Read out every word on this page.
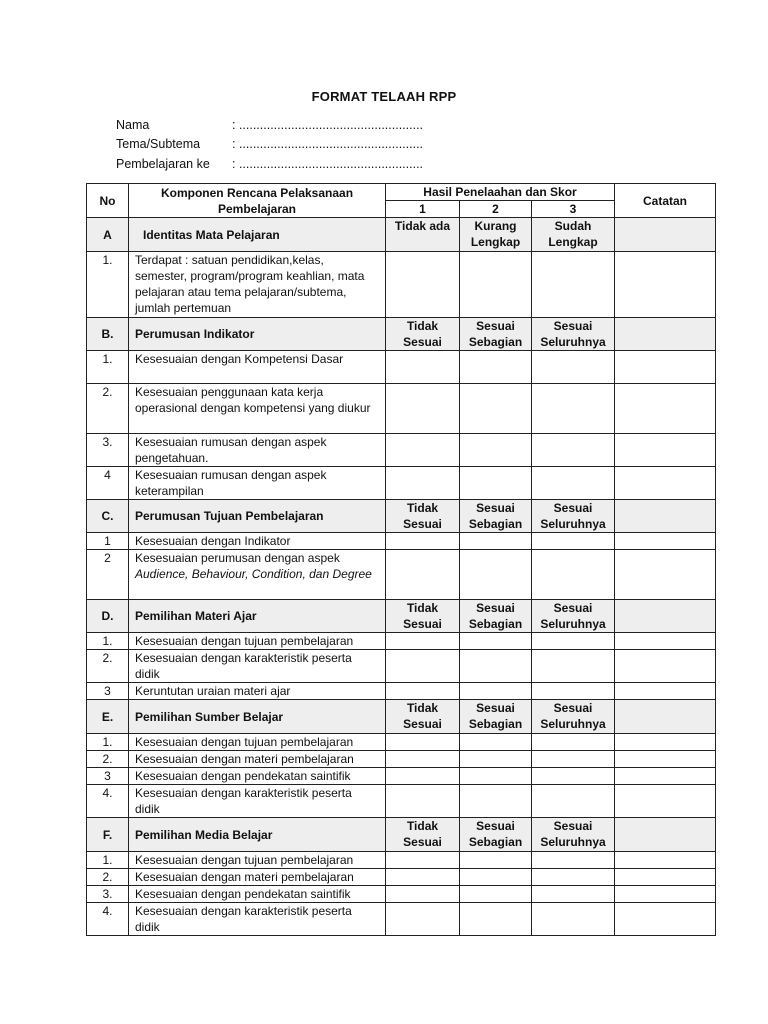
FORMAT TELAAH RPP
Nama	: .....................................................
Tema/Subtema	: .....................................................
Pembelajaran ke	: .....................................................
No	Komponen Rencana Pelaksanaan Pembelajaran	Hasil Penelaahan dan Skor			Catatan
		1	2	3	
A	Identitas Mata Pelajaran	Tidak ada	Kurang Lengkap	Sudah Lengkap	
1.	Terdapat : satuan pendidikan,kelas, semester, program/program keahlian, mata pelajaran atau tema pelajaran/subtema, jumlah pertemuan				
B.	Perumusan Indikator	Tidak Sesuai	Sesuai Sebagian	Sesuai Seluruhnya	
1.	Kesesuaian dengan Kompetensi Dasar				
2.	Kesesuaian penggunaan kata kerja operasional dengan kompetensi yang diukur				
3.	Kesesuaian rumusan dengan aspek pengetahuan.				
4	Kesesuaian rumusan dengan aspek keterampilan				
C.	Perumusan Tujuan Pembelajaran	Tidak Sesuai	Sesuai Sebagian	Sesuai Seluruhnya	
1	Kesesuaian dengan Indikator				
2	Kesesuaian perumusan dengan aspek Audience, Behaviour, Condition, dan Degree				
D.	Pemilihan Materi Ajar	Tidak Sesuai	Sesuai Sebagian	Sesuai Seluruhnya	
1.	Kesesuaian dengan tujuan pembelajaran				
2.	Kesesuaian dengan karakteristik peserta didik				
3	Keruntutan uraian materi ajar				
E.	Pemilihan Sumber Belajar	Tidak Sesuai	Sesuai Sebagian	Sesuai Seluruhnya	
1.	Kesesuaian dengan tujuan pembelajaran				
2.	Kesesuaian dengan materi pembelajaran				
3	Kesesuaian dengan pendekatan saintifik				
4.	Kesesuaian dengan karakteristik peserta didik				
F.	Pemilihan Media Belajar	Tidak Sesuai	Sesuai Sebagian	Sesuai Seluruhnya	
1.	Kesesuaian dengan tujuan pembelajaran				
2.	Kesesuaian dengan materi pembelajaran				
3.	Kesesuaian dengan pendekatan saintifik				
4.	Kesesuaian dengan karakteristik peserta didik				
